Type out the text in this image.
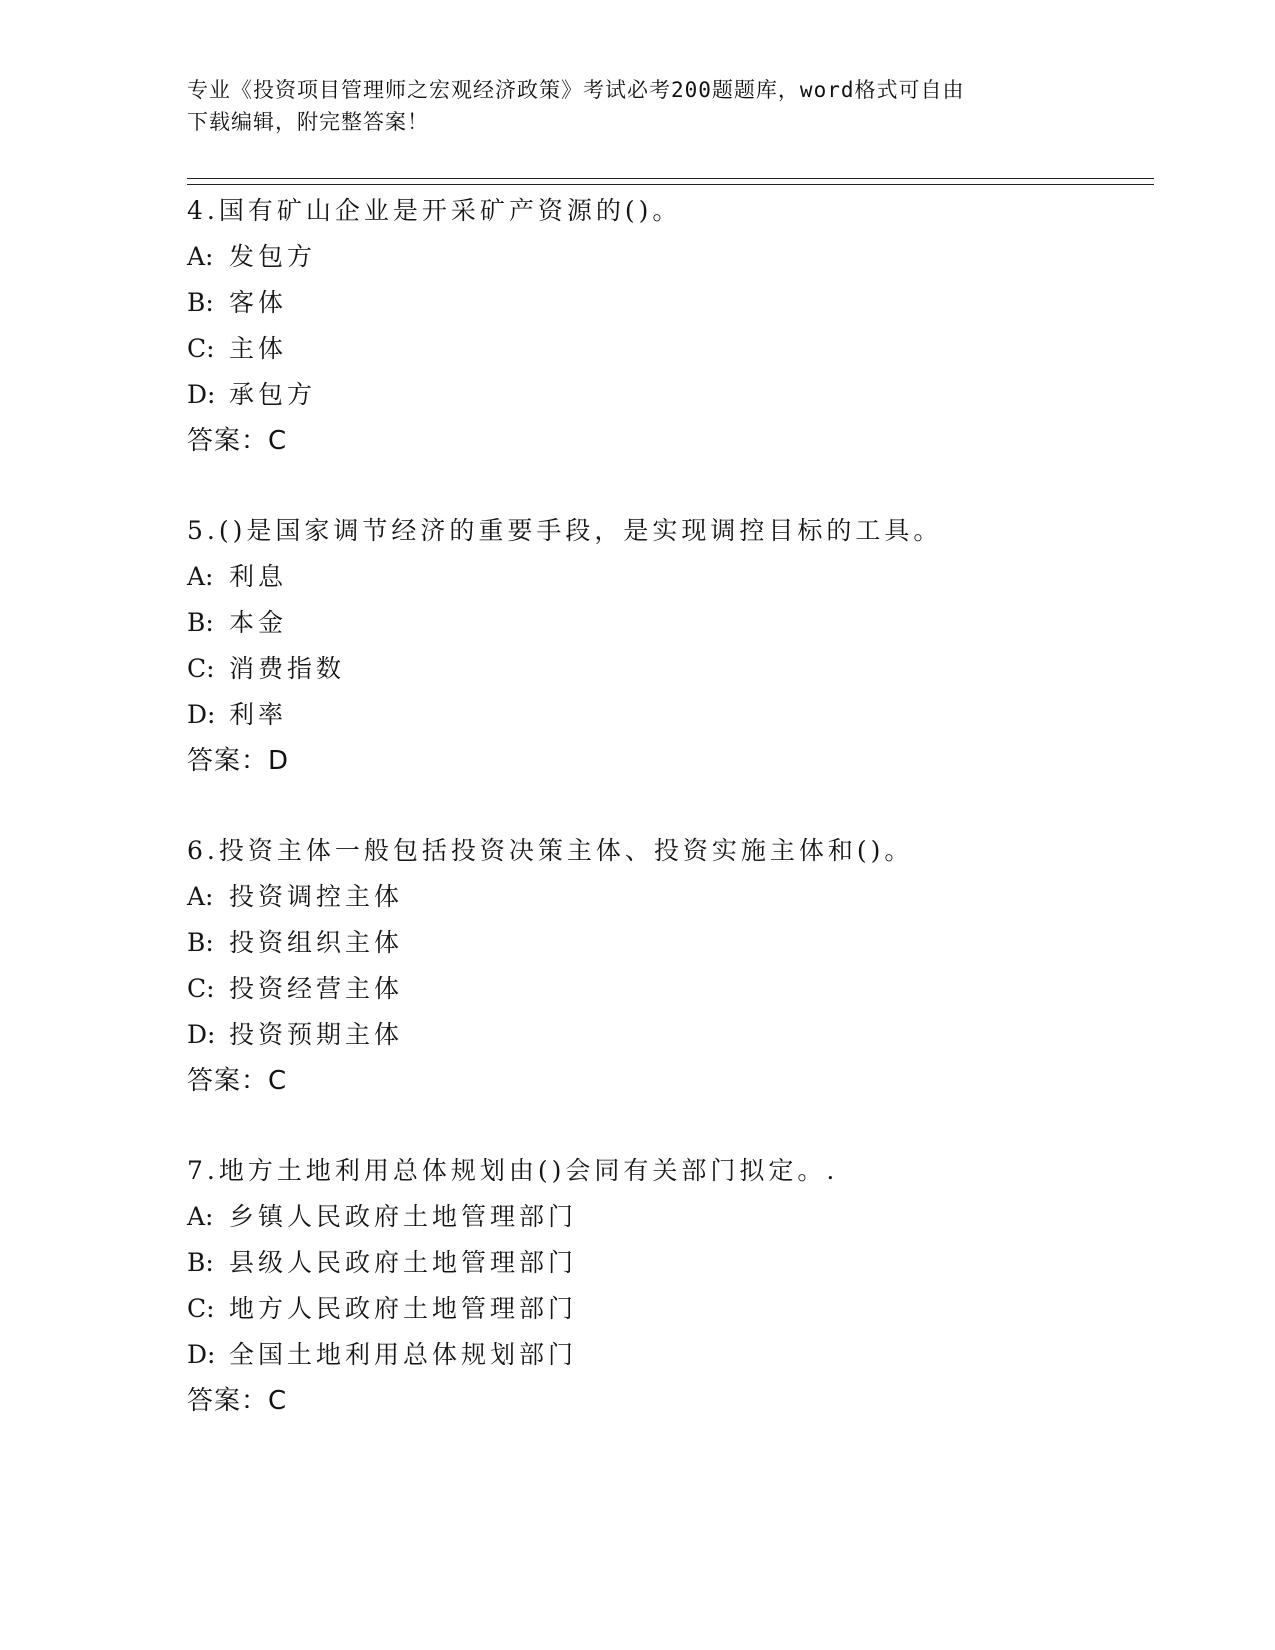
专业《投资项目管理师之宏观经济政策》考试必考200题题库，word格式可自由
下载编辑，附完整答案！
4.国有矿山企业是开采矿产资源的()。
A: 发包方
B: 客体
C: 主体
D: 承包方
答案：C
5.()是国家调节经济的重要手段，是实现调控目标的工具。
A: 利息
B: 本金
C: 消费指数
D: 利率
答案：D
6.投资主体一般包括投资决策主体、投资实施主体和()。
A: 投资调控主体
B: 投资组织主体
C: 投资经营主体
D: 投资预期主体
答案：C
7.地方土地利用总体规划由()会同有关部门拟定。.
A: 乡镇人民政府土地管理部门
B: 县级人民政府土地管理部门
C: 地方人民政府土地管理部门
D: 全国土地利用总体规划部门
答案：C
